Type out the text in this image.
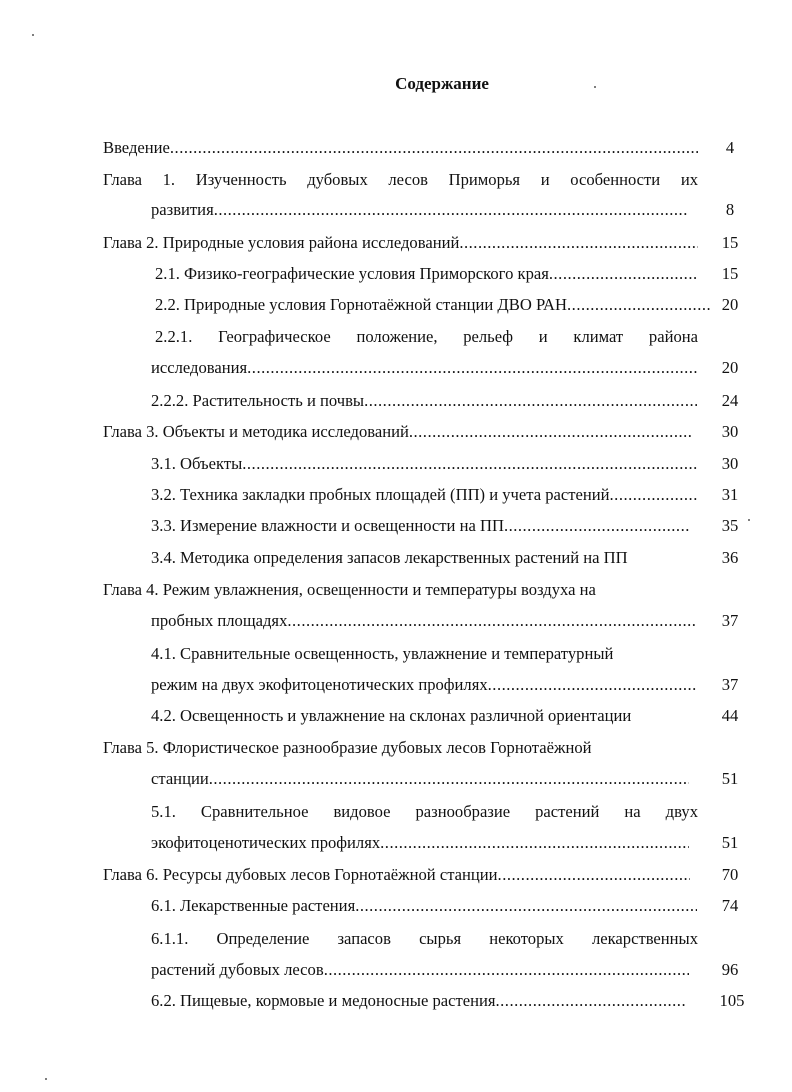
Содержание
Введение .....	4
Глава 1. Изученность дубовых лесов Приморья и особенности их
развития .....	8
Глава 2. Природные условия района исследований .....	15
2.1. Физико-географические условия Приморского края .....	15
2.2. Природные условия Горнотаёжной станции ДВО РАН .....	20
2.2.1. Географическое положение, рельеф и климат района
исследования .....	20
2.2.2. Растительность и почвы .....	24
Глава 3. Объекты и методика исследований .....	30
3.1. Объекты .....	30
3.2. Техника закладки пробных площадей (ПП) и учета растений .....	31
3.3. Измерение влажности и освещенности на ПП .....	35
3.4. Методика определения запасов лекарственных растений на ПП	36
Глава 4. Режим увлажнения, освещенности и температуры воздуха на
пробных площадях .....	37
4.1. Сравнительные освещенность, увлажнение и температурный
режим на двух экофитоценотических профилях .....	37
4.2. Освещенность и увлажнение на склонах различной ориентации	44
Глава 5. Флористическое разнообразие дубовых лесов Горнотаёжной
станции .....	51
5.1. Сравнительное видовое разнообразие растений на двух
экофитоценотических профилях .....	51
Глава 6. Ресурсы дубовых лесов Горнотаёжной станции .....	70
6.1. Лекарственные растения .....	74
6.1.1. Определение запасов сырья некоторых лекарственных
растений дубовых лесов .....	96
6.2. Пищевые, кормовые и медоносные растения .....	105
